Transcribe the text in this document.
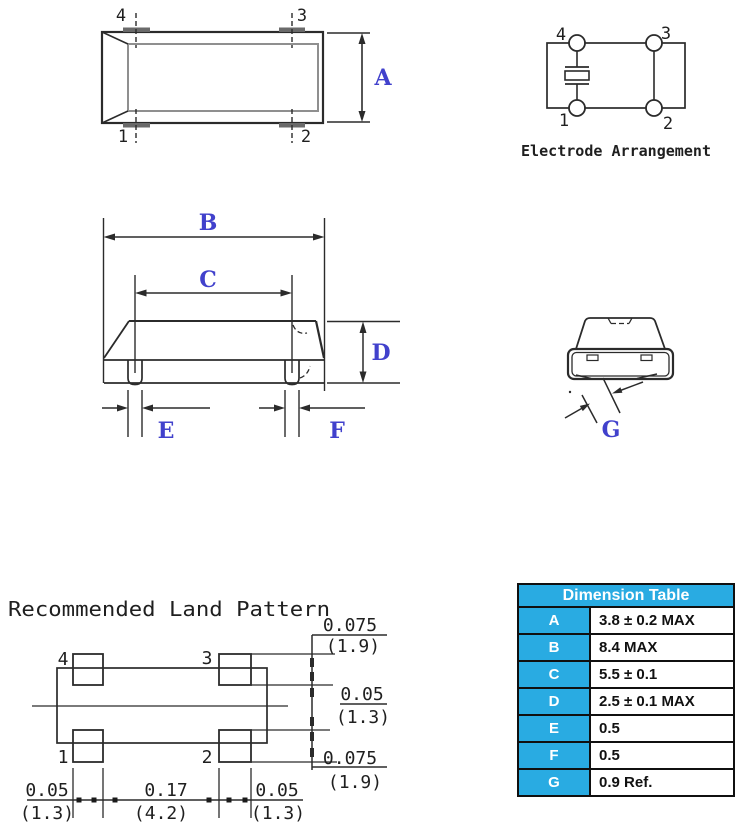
4	3
1	2
A
4	3
1	2
Electrode Arrangement
B
C
D
E	F	G
Recommended Land Pattern
4	3
1	2
0.075
(1.9)
0.05
(1.3)
0.075
(1.9)
0.05
(1.3)
0.17
(4.2)
0.05
(1.3)
Dimension Table
A	3.8 ± 0.2 MAX
B	8.4 MAX
C	5.5 ± 0.1
D	2.5 ± 0.1 MAX
E	0.5
F	0.5
G	0.9 Ref.
